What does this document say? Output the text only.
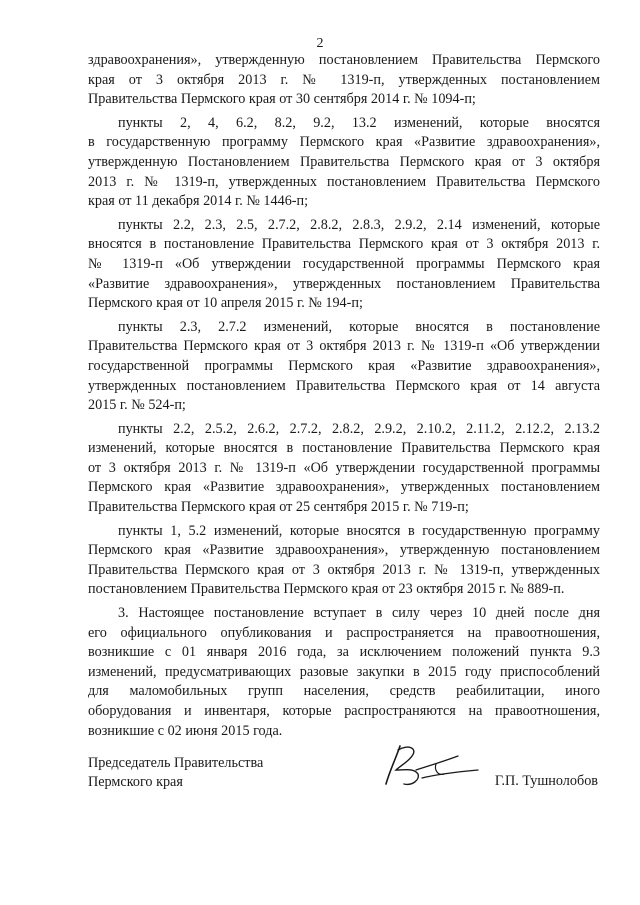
2
здравоохранения», утвержденную постановлением Правительства Пермского
края от 3 октября 2013 г. № 1319-п, утвержденных постановлением
Правительства Пермского края от 30 сентября 2014 г. № 1094-п;
пункты 2, 4, 6.2, 8.2, 9.2, 13.2 изменений, которые вносятся
в государственную программу Пермского края «Развитие здравоохранения»,
утвержденную Постановлением Правительства Пермского края от 3 октября
2013 г. № 1319-п, утвержденных постановлением Правительства Пермского
края от 11 декабря 2014 г. № 1446-п;
пункты 2.2, 2.3, 2.5, 2.7.2, 2.8.2, 2.8.3, 2.9.2, 2.14 изменений, которые
вносятся в постановление Правительства Пермского края от 3 октября 2013 г.
№ 1319-п «Об утверждении государственной программы Пермского края
«Развитие здравоохранения», утвержденных постановлением Правительства
Пермского края от 10 апреля 2015 г. № 194-п;
пункты 2.3, 2.7.2 изменений, которые вносятся в постановление
Правительства Пермского края от 3 октября 2013 г. № 1319-п «Об утверждении
государственной программы Пермского края «Развитие здравоохранения»,
утвержденных постановлением Правительства Пермского края от 14 августа
2015 г. № 524-п;
пункты 2.2, 2.5.2, 2.6.2, 2.7.2, 2.8.2, 2.9.2, 2.10.2, 2.11.2, 2.12.2, 2.13.2
изменений, которые вносятся в постановление Правительства Пермского края
от 3 октября 2013 г. № 1319-п «Об утверждении государственной программы
Пермского края «Развитие здравоохранения», утвержденных постановлением
Правительства Пермского края от 25 сентября 2015 г. № 719-п;
пункты 1, 5.2 изменений, которые вносятся в государственную программу
Пермского края «Развитие здравоохранения», утвержденную постановлением
Правительства Пермского края от 3 октября 2013 г. № 1319-п, утвержденных
постановлением Правительства Пермского края от 23 октября 2015 г. № 889-п.
3. Настоящее постановление вступает в силу через 10 дней после дня
его официального опубликования и распространяется на правоотношения,
возникшие с 01 января 2016 года, за исключением положений пункта 9.3
изменений, предусматривающих разовые закупки в 2015 году приспособлений
для маломобильных групп населения, средств реабилитации, иного
оборудования и инвентаря, которые распространяются на правоотношения,
возникшие с 02 июня 2015 года.
Председатель Правительства
Пермского края	Г.П. Тушнолобов
